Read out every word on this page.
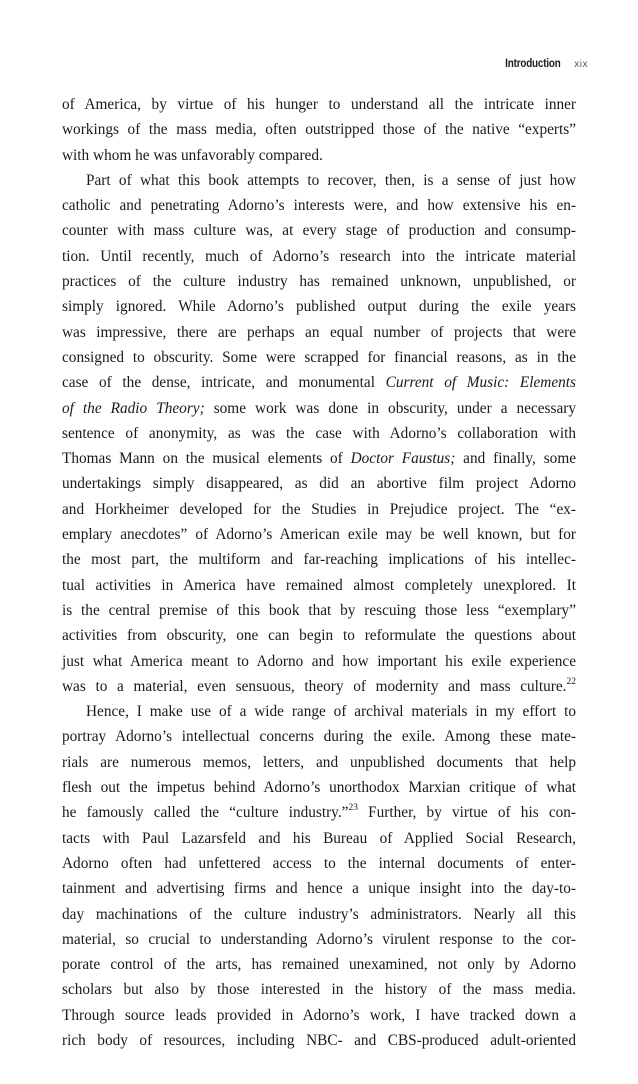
Introduction xix
of America, by virtue of his hunger to understand all the intricate inner
workings of the mass media, often outstripped those of the native “experts”
with whom he was unfavorably compared.
Part of what this book attempts to recover, then, is a sense of just how
catholic and penetrating Adorno’s interests were, and how extensive his en-
counter with mass culture was, at every stage of production and consump-
tion. Until recently, much of Adorno’s research into the intricate material
practices of the culture industry has remained unknown, unpublished, or
simply ignored. While Adorno’s published output during the exile years
was impressive, there are perhaps an equal number of projects that were
consigned to obscurity. Some were scrapped for financial reasons, as in the
case of the dense, intricate, and monumental Current of Music: Elements
of the Radio Theory; some work was done in obscurity, under a necessary
sentence of anonymity, as was the case with Adorno’s collaboration with
Thomas Mann on the musical elements of Doctor Faustus; and finally, some
undertakings simply disappeared, as did an abortive film project Adorno
and Horkheimer developed for the Studies in Prejudice project. The “ex-
emplary anecdotes” of Adorno’s American exile may be well known, but for
the most part, the multiform and far-reaching implications of his intellec-
tual activities in America have remained almost completely unexplored. It
is the central premise of this book that by rescuing those less “exemplary”
activities from obscurity, one can begin to reformulate the questions about
just what America meant to Adorno and how important his exile experience
was to a material, even sensuous, theory of modernity and mass culture.$^{22}$
Hence, I make use of a wide range of archival materials in my effort to
portray Adorno’s intellectual concerns during the exile. Among these mate-
rials are numerous memos, letters, and unpublished documents that help
flesh out the impetus behind Adorno’s unorthodox Marxian critique of what
he famously called the “culture industry.”$^{23}$ Further, by virtue of his con-
tacts with Paul Lazarsfeld and his Bureau of Applied Social Research,
Adorno often had unfettered access to the internal documents of enter-
tainment and advertising firms and hence a unique insight into the day-to-
day machinations of the culture industry’s administrators. Nearly all this
material, so crucial to understanding Adorno’s virulent response to the cor-
porate control of the arts, has remained unexamined, not only by Adorno
scholars but also by those interested in the history of the mass media.
Through source leads provided in Adorno’s work, I have tracked down a
rich body of resources, including NBC- and CBS-produced adult-oriented
